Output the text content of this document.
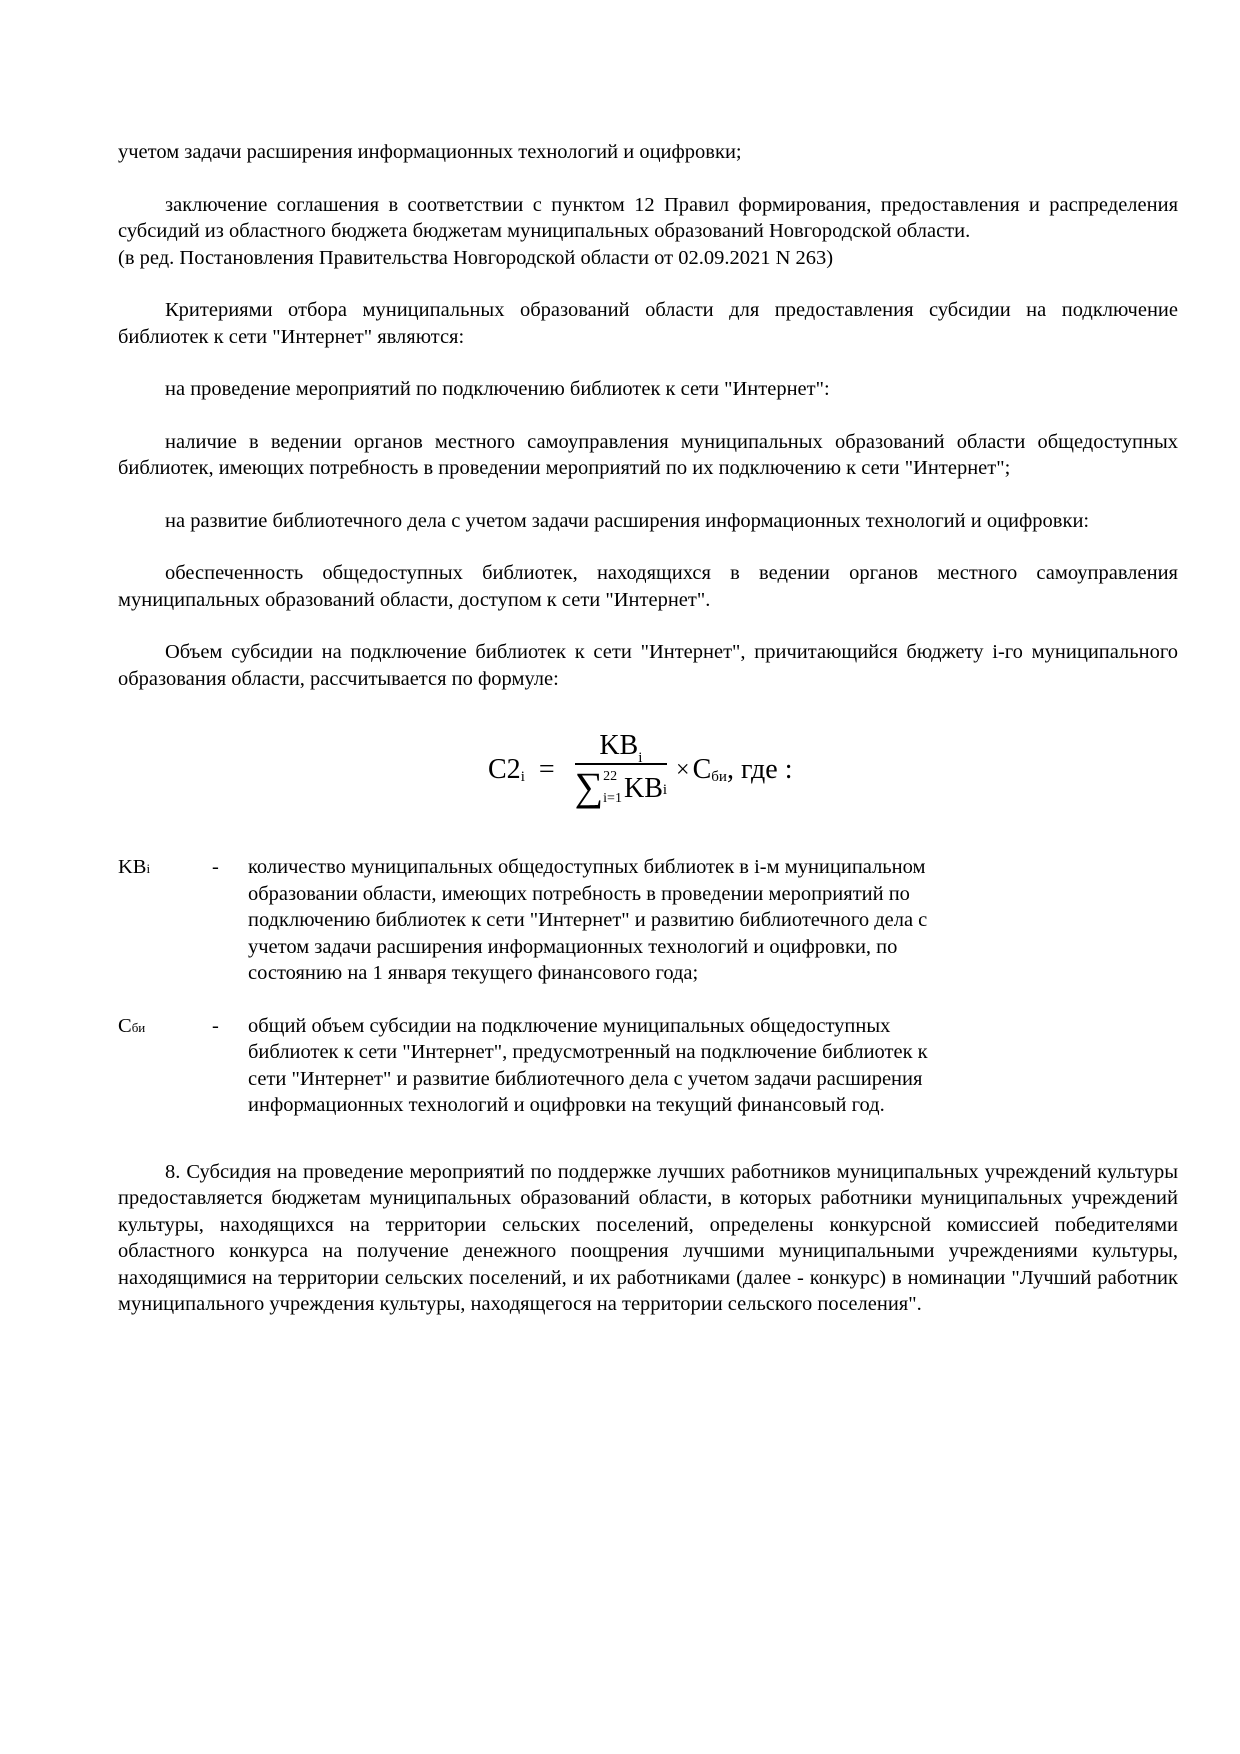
учетом задачи расширения информационных технологий и оцифровки;

заключение соглашения в соответствии с пунктом 12 Правил формирования, предоставления и распределения субсидий из областного бюджета бюджетам муниципальных образований Новгородской области.

(в ред. Постановления Правительства Новгородской области от 02.09.2021 N 263)

Критериями отбора муниципальных образований области для предоставления субсидии на подключение библиотек к сети "Интернет" являются:

на проведение мероприятий по подключению библиотек к сети "Интернет":

наличие в ведении органов местного самоуправления муниципальных образований области общедоступных библиотек, имеющих потребность в проведении мероприятий по их подключению к сети "Интернет";

на развитие библиотечного дела с учетом задачи расширения информационных технологий и оцифровки:

обеспеченность общедоступных библиотек, находящихся в ведении органов местного самоуправления муниципальных образований области, доступом к сети "Интернет".

Объем субсидии на подключение библиотек к сети "Интернет", причитающийся бюджету i-го муниципального образования области, рассчитывается по формуле:

C2 i =
$KB_i$
∑ 22
i=1 KB i
× C би , где :
KBi	-	количество муниципальных общедоступных библиотек в i-м муниципальном образовании области, имеющих потребность в проведении мероприятий по подключению библиотек к сети "Интернет" и развитию библиотечного дела с учетом задачи расширения информационных технологий и оцифровки, по состоянию на 1 января текущего финансового года;
Cби	-	общий объем субсидии на подключение муниципальных общедоступных библиотек к сети "Интернет", предусмотренный на подключение библиотек к сети "Интернет" и развитие библиотечного дела с учетом задачи расширения информационных технологий и оцифровки на текущий финансовый год.

8. Субсидия на проведение мероприятий по поддержке лучших работников муниципальных учреждений культуры предоставляется бюджетам муниципальных образований области, в которых работники муниципальных учреждений культуры, находящихся на территории сельских поселений, определены конкурсной комиссией победителями областного конкурса на получение денежного поощрения лучшими муниципальными учреждениями культуры, находящимися на территории сельских поселений, и их работниками (далее - конкурс) в номинации "Лучший работник муниципального учреждения культуры, находящегося на территории сельского поселения".
